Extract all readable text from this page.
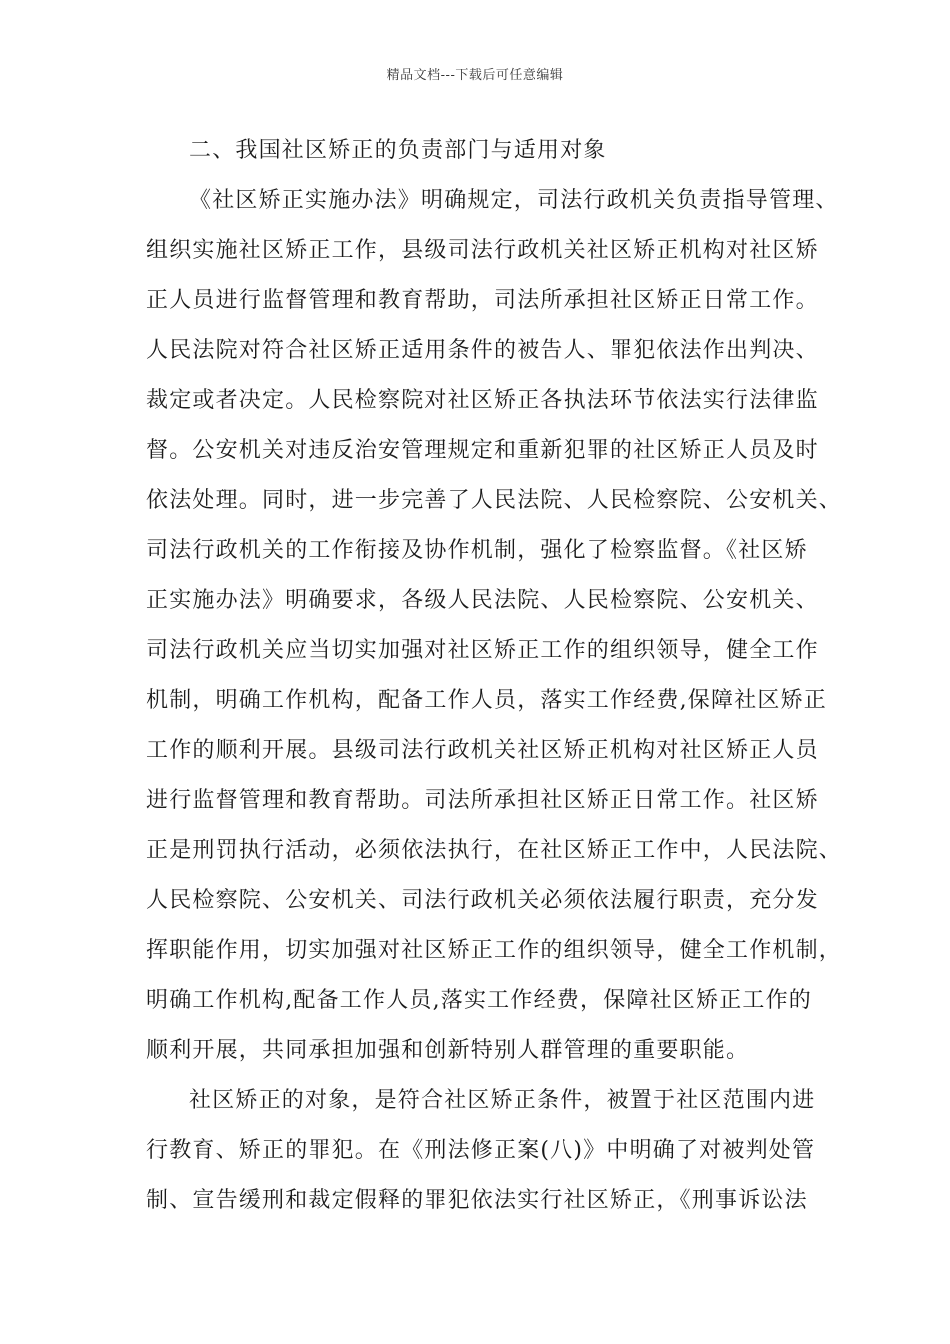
精品文档---下载后可任意编辑
二、我国社区矫正的负责部门与适用对象
《社区矫正实施办法》明确规定，司法行政机关负责指导管理、
组织实施社区矫正工作，县级司法行政机关社区矫正机构对社区矫
正人员进行监督管理和教育帮助，司法所承担社区矫正日常工作。
人民法院对符合社区矫正适用条件的被告人、罪犯依法作出判决、
裁定或者决定。人民检察院对社区矫正各执法环节依法实行法律监
督。公安机关对违反治安管理规定和重新犯罪的社区矫正人员及时
依法处理。同时，进一步完善了人民法院、人民检察院、公安机关、
司法行政机关的工作衔接及协作机制，强化了检察监督。《社区矫
正实施办法》明确要求，各级人民法院、人民检察院、公安机关、
司法行政机关应当切实加强对社区矫正工作的组织领导，健全工作
机制，明确工作机构，配备工作人员，落实工作经费,保障社区矫正
工作的顺利开展。县级司法行政机关社区矫正机构对社区矫正人员
进行监督管理和教育帮助。司法所承担社区矫正日常工作。社区矫
正是刑罚执行活动，必须依法执行，在社区矫正工作中，人民法院、
人民检察院、公安机关、司法行政机关必须依法履行职责，充分发
挥职能作用，切实加强对社区矫正工作的组织领导，健全工作机制，
明确工作机构,配备工作人员,落实工作经费，保障社区矫正工作的
顺利开展，共同承担加强和创新特别人群管理的重要职能。
社区矫正的对象，是符合社区矫正条件，被置于社区范围内进
行教育、矫正的罪犯。在《刑法修正案(八)》中明确了对被判处管
制、宣告缓刑和裁定假释的罪犯依法实行社区矫正，《刑事诉讼法
